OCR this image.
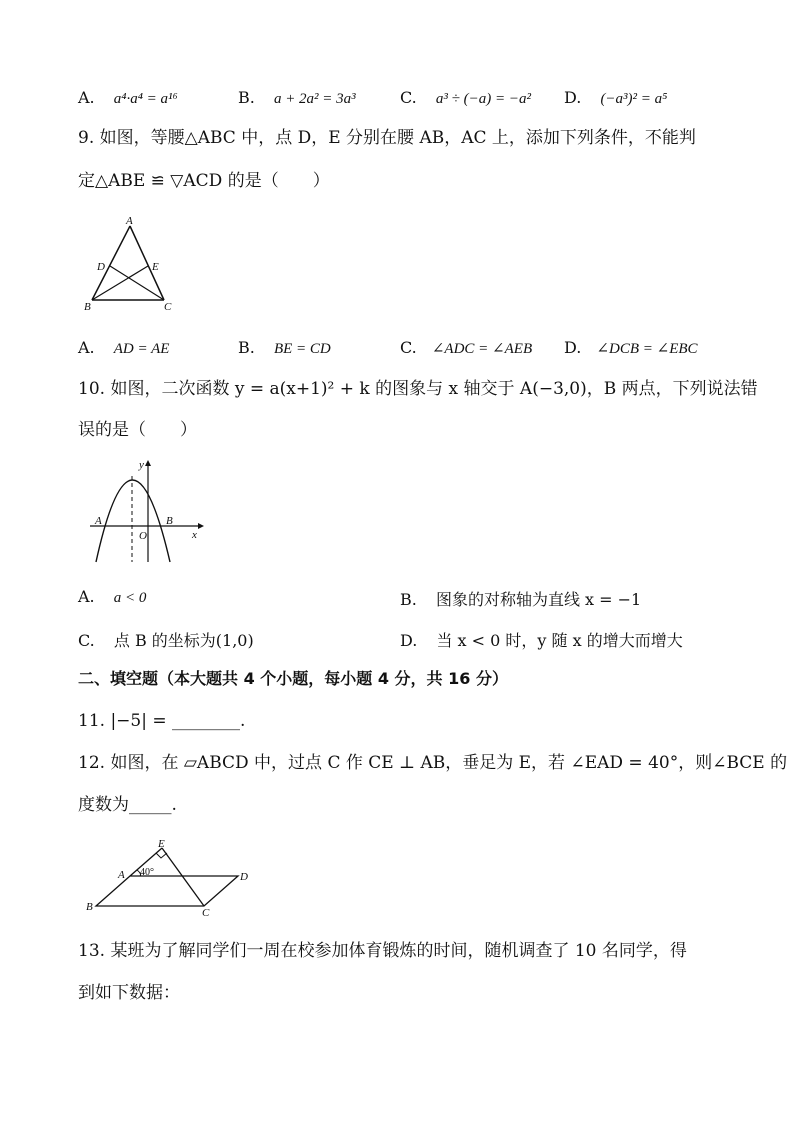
A. a⁴·a⁴ = a¹⁶	B. a + 2a² = 3a³	C. a³ ÷ (−a) = −a² D. (−a³)² = a⁵
9. 如图，等腰△ABC 中，点 D，E 分别在腰 AB，AC 上，添加下列条件，不能判
定△ABE ≌ ▽ACD 的是（　　）
A
B	C
D	E
A. AD = AE	B. BE = CD	C. ∠ADC = ∠AEB D. ∠DCB = ∠EBC
10. 如图，二次函数 y = a(x+1)² + k 的图象与 x 轴交于 A(−3,0)，B 两点，下列说法错
误的是（　　）
A	B
O	x
y
A. a < 0	B. 图象的对称轴为直线 x = −1
C. 点 B 的坐标为(1,0)	D. 当 x < 0 时，y 随 x 的增大而增大
二、填空题（本大题共 4 个小题，每小题 4 分，共 16 分）
11. |−5| = ________.
12. 如图，在 ▱ABCD 中，过点 C 作 CE ⊥ AB，垂足为 E，若 ∠EAD = 40°，则∠BCE 的
度数为_____.
A
B	C
D
E
40°
13. 某班为了解同学们一周在校参加体育锻炼的时间，随机调查了 10 名同学，得
到如下数据：
